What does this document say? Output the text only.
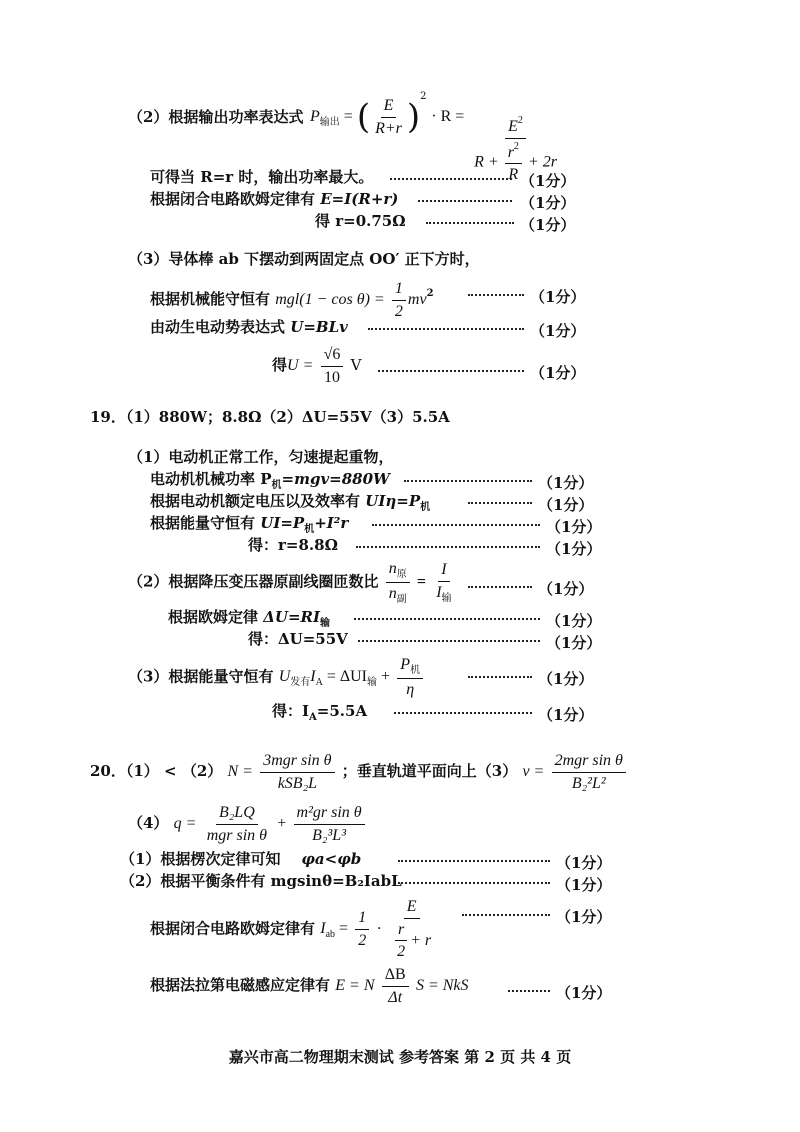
（2）根据输出功率表达式 $P_{输出}$ = ( $\frac{E}{R+r} )^2 \cdot R = \frac{E^2}{R + \frac{r^2}{R} + 2r}$
可得当 R=r 时，输出功率最大。	（1分）
根据闭合电路欧姆定律有 E=I(R+r)	（1分）
得 r=0.75Ω	（1分）
（3）导体棒 ab 下摆动到两固定点 OO′ 正下方时，
根据机械能守恒有 $mgl(1 - \cos \theta) = \frac{1}{2} mv^2$	（1分）
由动生电动势表达式 U=BLv	（1分）
得$U = \frac{√6}{10}$ V	（1分）
19．（1）880W；8.8Ω（2）ΔU=55V（3）5.5A
（1）电动机正常工作，匀速提起重物，
电动机机械功率 $P_机=mgv=880W$	（1分）
根据电动机额定电压以及效率有 $UI\eta=P_机$	（1分）
根据能量守恒有 $UI=P_机+I^2r$	（1分）
得：r=8.8Ω	（1分）
（2）根据降压变压器原副线圈匝数比 $\frac{n_原}{n_副} = \frac{I}{I_输}$	（1分）
根据欧姆定律 $\Delta U=RI_输$	（1分）
得：ΔU=55V	（1分）
（3）根据能量守恒有 $U_{发有}I_A = \Delta UI_输 + \frac{P_机}{\eta}$	（1分）
得：$I_A=5.5A$	（1分）
20．（1） < （2） $N = \frac{\text{3mgr sin θ}}{\text{kSB₂L}}$ ；垂直轨道平面向上（3） $v = \frac{\text{2mgr sin θ}}{\text{B₂²L²}}$
（4） $q = \frac{\text{B₂LQ}}{\text{mgr sin θ}} + \frac{\text{m²gr sin θ}}{\text{B₂³L³}}$
（1）根据楞次定律可知 φa<φb	（1分）
（2）根据平衡条件有 mgsinθ=B₂IabL	（1分）
根据闭合电路欧姆定律有 $I_{ab} = \frac{1}{2} \cdot \frac{E}{\frac{r}{2} + r}$	（1分）
根据法拉第电磁感应定律有 E = N $\frac{\Delta B}{\Delta t}$ S = NkS	（1分）
嘉兴市高二物理期末测试 参考答案 第 2 页 共 4 页
